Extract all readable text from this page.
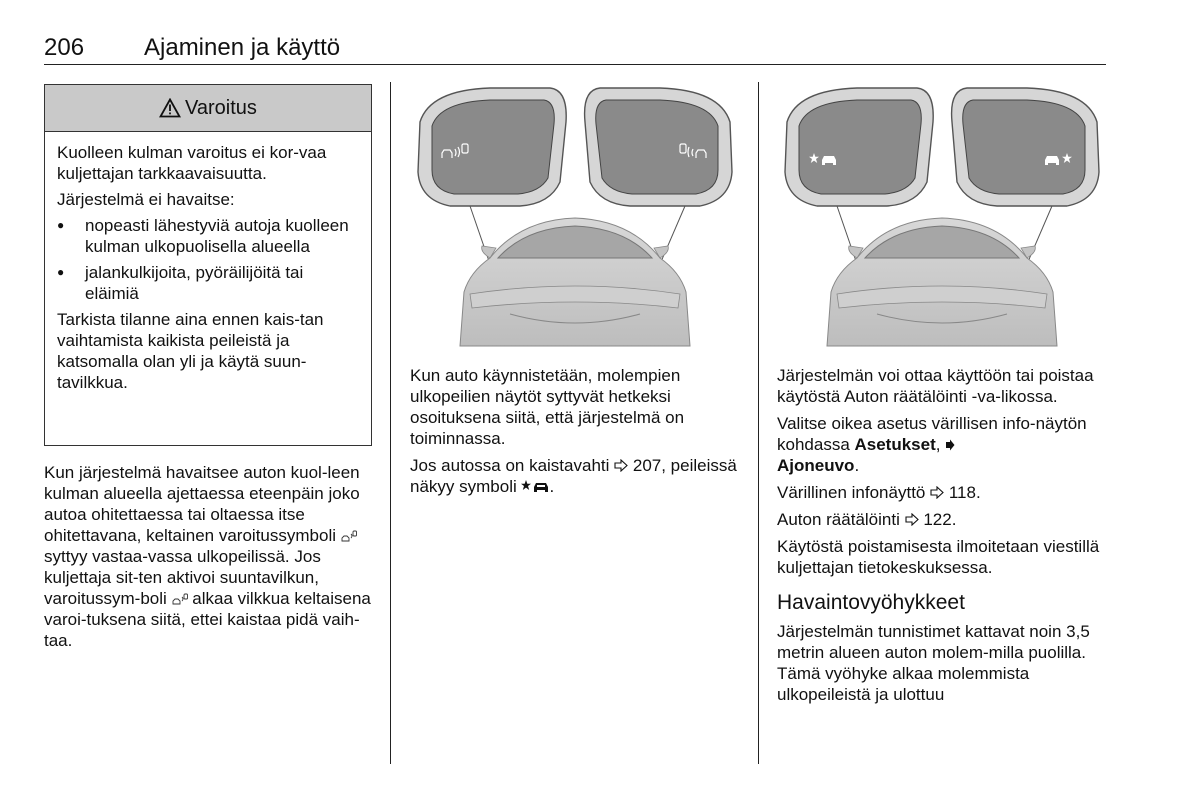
206 Ajaminen ja käyttö
Varoitus

Kuolleen kulman varoitus ei kor-vaa kuljettajan tarkkaavaisuutta.

Järjestelmä ei havaitse:

● nopeasti lähestyviä autoja kuolleen kulman ulkopuolisella alueella
● jalankulkijoita, pyöräilijöitä tai eläimiä

Tarkista tilanne aina ennen kais-tan vaihtamista kaikista peileistä ja katsomalla olan yli ja käytä suun-tavilkkua.

Kun järjestelmä havaitsee auton kuol-leen kulman alueella ajettaessa eteenpäin joko autoa ohitettaessa tai oltaessa itse ohitettavana, keltainen varoitussymboli  syttyy vastaa-vassa ulkopeilissä. Jos kuljettaja sit-ten aktivoi suuntavilkun, varoitussym-boli  alkaa vilkkua keltaisena varoi-tuksena siitä, ettei kaistaa pidä vaih-taa.

Kun auto käynnistetään, molempien ulkopeilien näytöt syttyvät hetkeksi osoituksena siitä, että järjestelmä on toiminnassa.

Jos autossa on kaistavahti  207, peileissä näkyy symboli .

Järjestelmän voi ottaa käyttöön tai poistaa käytöstä Auton räätälöinti -va-likossa.

Valitse oikea asetus värillisen info-näytön kohdassa Asetukset,
Ajoneuvo.

Värillinen infonäyttö  118.

Auton räätälöinti  122.

Käytöstä poistamisesta ilmoitetaan viestillä kuljettajan tietokeskuksessa.

Havaintovyöhykkeet

Järjestelmän tunnistimet kattavat noin 3,5 metrin alueen auton molem-milla puolilla. Tämä vyöhyke alkaa molemmista ulkopeileistä ja ulottuu
